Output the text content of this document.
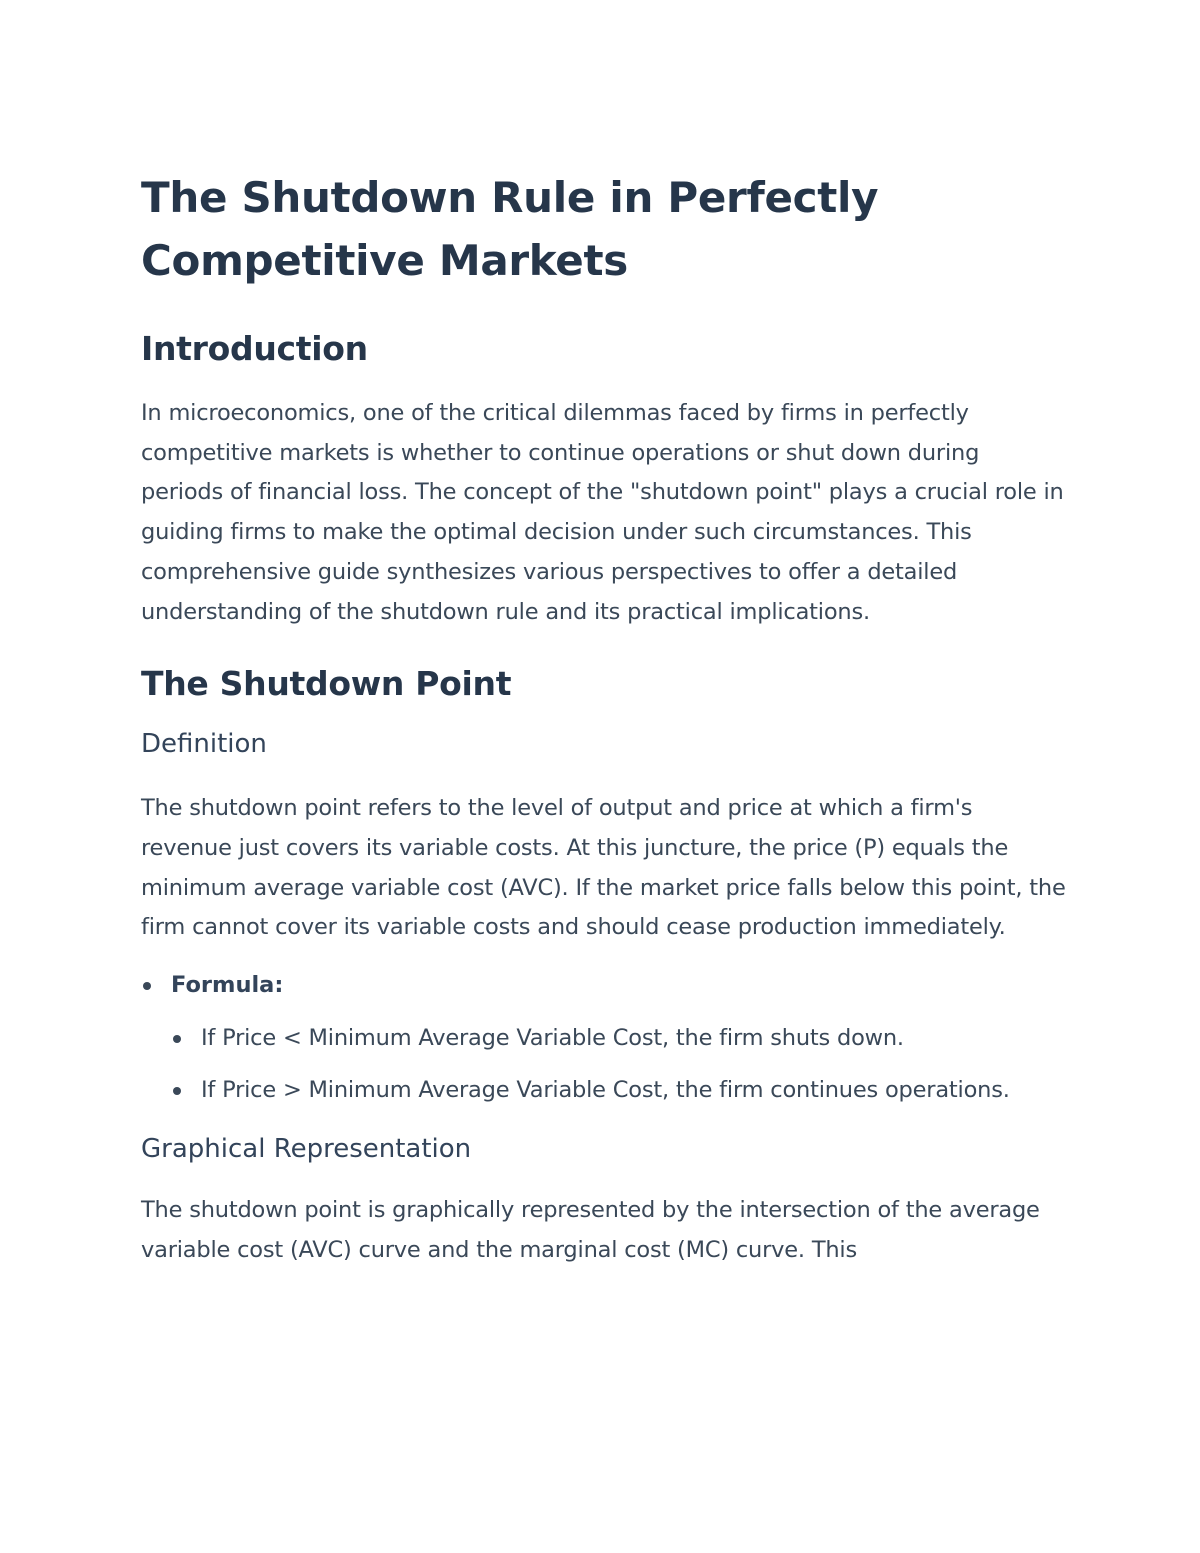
The Shutdown Rule in Perfectly Competitive Markets
Introduction

In microeconomics, one of the critical dilemmas faced by firms in perfectly competitive markets is whether to continue operations or shut down during periods of financial loss. The concept of the "shutdown point" plays a crucial role in guiding firms to make the optimal decision under such circumstances. This comprehensive guide synthesizes various perspectives to offer a detailed understanding of the shutdown rule and its practical implications.

The Shutdown Point
Definition

The shutdown point refers to the level of output and price at which a firm's revenue just covers its variable costs. At this juncture, the price (P) equals the minimum average variable cost (AVC). If the market price falls below this point, the firm cannot cover its variable costs and should cease production immediately.

Formula:
If Price < Minimum Average Variable Cost, the firm shuts down.
If Price > Minimum Average Variable Cost, the firm continues operations.
Graphical Representation

The shutdown point is graphically represented by the intersection of the average variable cost (AVC) curve and the marginal cost (MC) curve. This
